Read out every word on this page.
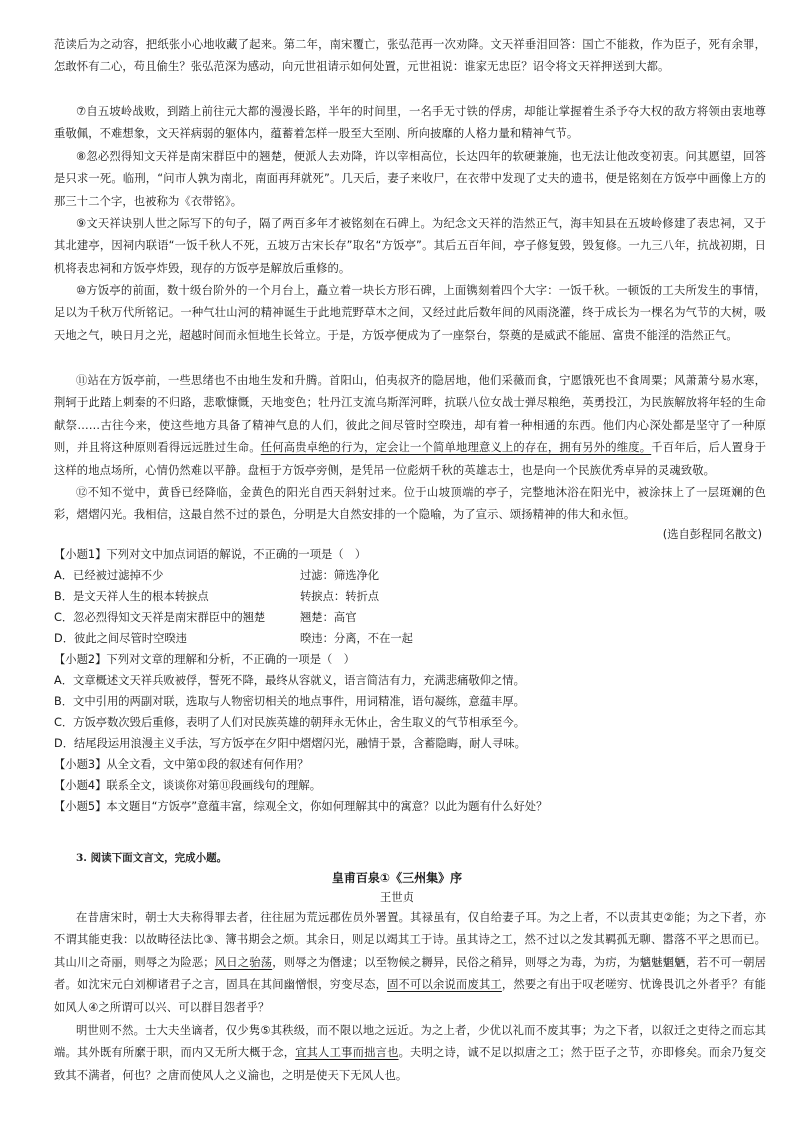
范读后为之动容，把纸张小心地收藏了起来。第二年，南宋覆亡，张弘范再一次劝降。文天祥垂泪回答：国亡不能救，作为臣子，死有余罪，怎敢怀有二心，苟且偷生？张弘范深为感动，向元世祖请示如何处置，元世祖说：谁家无忠臣？诏令将文天祥押送到大都。

⑦自五坡岭战败，到踏上前往元大都的漫漫长路，半年的时间里，一名手无寸铁的俘虏，却能让掌握着生杀予夺大权的敌方将领由衷地尊重敬佩，不难想象，文天祥病弱的躯体内，蕴蓄着怎样一股至大至刚、所向披靡的人格力量和精神气节。

⑧忽必烈得知文天祥是南宋群臣中的翘楚，便派人去劝降，许以宰相高位，长达四年的软硬兼施，也无法让他改变初衷。问其愿望，回答是只求一死。临刑，“问市人孰为南北，南面再拜就死”。几天后，妻子来收尸，在衣带中发现了丈夫的遗书，便是铭刻在方饭亭中画像上方的那三十二个字，也被称为《衣带铭》。

⑨文天祥诀别人世之际写下的句子，隔了两百多年才被铭刻在石碑上。为纪念文天祥的浩然正气，海丰知县在五坡岭修建了表忠祠，又于其北建亭，因祠内联语“一饭千秋人不死，五坡万古宋长存”取名“方饭亭”。其后五百年间，亭子修复毁，毁复修。一九三八年，抗战初期，日机将表忠祠和方饭亭炸毁，现存的方饭亭是解放后重修的。

⑩方饭亭的前面，数十级台阶外的一个月台上，矗立着一块长方形石碑，上面镌刻着四个大字：一饭千秋。一顿饭的工夫所发生的事情，足以为千秋万代所铭记。一种气壮山河的精神诞生于此地荒野草木之间，又经过此后数年间的风雨浇灌，终于成长为一棵名为气节的大树，吸天地之气，映日月之光，超越时间而永恒地生长耸立。于是，方饭亭便成为了一座祭台，祭奠的是威武不能屈、富贵不能淫的浩然正气。

⑪站在方饭亭前，一些思绪也不由地生发和升腾。首阳山，伯夷叔齐的隐居地，他们采薇而食，宁愿饿死也不食周粟；风萧萧兮易水寒，荆轲于此踏上刺秦的不归路，悲歌慷慨，天地变色；牡丹江支流乌斯浑河畔，抗联八位女战士弹尽粮绝，英勇投江，为民族解放将年轻的生命献祭……古往今来，使这些地方具备了精神气息的人们，彼此之间尽管时空暌违，却有着一种相通的东西。他们内心深处都是坚守了一种原则，并且将这种原则看得远远胜过生命。任何高贵卓绝的行为，定会让一个简单地理意义上的存在，拥有另外的维度。千百年后，后人置身于这样的地点场所，心情仍然难以平静。盘桓于方饭亭旁侧，是凭吊一位彪炳千秋的英雄志士，也是向一个民族优秀卓异的灵魂致敬。

⑫不知不觉中，黄昏已经降临，金黄色的阳光自西天斜射过来。位于山坡顶端的亭子，完整地沐浴在阳光中，被涂抹上了一层斑斓的色彩，熠熠闪光。我相信，这最自然不过的景色，分明是大自然安排的一个隐喻，为了宣示、颂扬精神的伟大和永恒。

(选自彭程同名散文)
【小题1】下列对文中加点词语的解说，不正确的一项是（　）
A．已经被过滤掉不少	过滤：筛选净化
B．是文天祥人生的根本转捩点	转捩点：转折点
C．忽必烈得知文天祥是南宋群臣中的翘楚	翘楚：高官
D．彼此之间尽管时空暌违	暌违：分离，不在一起
【小题2】下列对文章的理解和分析，不正确的一项是（　）
A．文章概述文天祥兵败被俘，誓死不降，最终从容就义，语言简洁有力，充满悲痛敬仰之情。
B．文中引用的两副对联，选取与人物密切相关的地点事件，用词精准，语句凝练，意蕴丰厚。
C．方饭亭数次毁后重修，表明了人们对民族英雄的朝拜永无休止，舍生取义的气节相承至今。
D．结尾段运用浪漫主义手法，写方饭亭在夕阳中熠熠闪光，融情于景，含蓄隐晦，耐人寻味。
【小题3】从全文看，文中第①段的叙述有何作用？
【小题4】联系全文，谈谈你对第⑪段画线句的理解。
【小题5】本文题目“方饭亭”意蕴丰富，综观全文，你如何理解其中的寓意？以此为题有什么好处？
3. 阅读下面文言文，完成小题。
皇甫百泉①《三州集》序
王世贞

在昔唐宋时，朝士大夫称得罪去者，往往屈为荒远郡佐员外署置。其禄虽有，仅自给妻子耳。为之上者，不以责其吏②能；为之下者，亦不谓其能吏我：以故畴径法比③、簿书期会之烦。其余日，则足以竭其工于诗。虽其诗之工，然不过以之发其羁孤无聊、嚣落不平之思而已。其山川之奇丽，则辱之为险恶；风日之骀荡，则辱之为僭逮；以至物候之耨异，民俗之稍异，则辱之为毒，为疠，为魑魅魍魉，若不可一朝居者。如沈宋元白刘柳诸君子之言，固具在其间幽憎恨，穷变尽态，固不可以余说而废其工，然要之有出于叹老嗟穷、忧谗畏讥之外者乎？有能如风人④之所谓可以兴、可以群目怨者乎？

明世则不然。士大夫坐谪者，仅少隽⑤其秩级，而不限以地之远近。为之上者，少优以礼而不废其事；为之下者，以叙迁之吏待之而忘其端。其外既有所縻于职，而内又无所大概于念，宜其人工事而拙言也。夫明之诗，诚不足以拟唐之工；然于臣子之节，亦即修矣。而余乃复交致其不满者，何也？之唐而使风人之义淪也，之明是使天下无风人也。
